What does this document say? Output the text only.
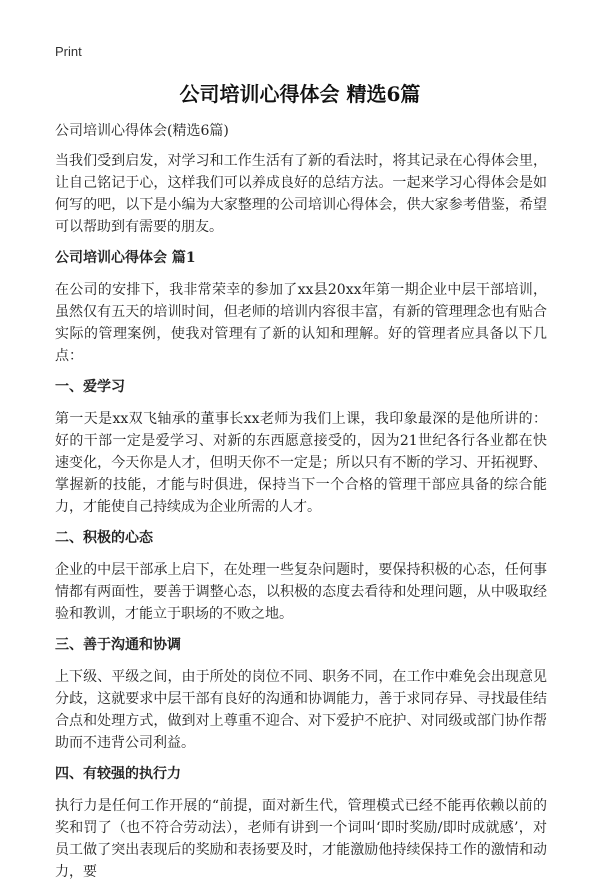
Print
公司培训心得体会 精选6篇

公司培训心得体会(精选6篇)

当我们受到启发，对学习和工作生活有了新的看法时，将其记录在心得体会里，让自己铭记于心，这样我们可以养成良好的总结方法。一起来学习心得体会是如何写的吧，以下是小编为大家整理的公司培训心得体会，供大家参考借鉴，希望可以帮助到有需要的朋友。

公司培训心得体会 篇1

在公司的安排下，我非常荣幸的参加了xx县20xx年第一期企业中层干部培训，虽然仅有五天的培训时间，但老师的培训内容很丰富，有新的管理理念也有贴合实际的管理案例，使我对管理有了新的认知和理解。好的管理者应具备以下几点：

一、爱学习

第一天是xx双飞轴承的董事长xx老师为我们上课，我印象最深的是他所讲的：好的干部一定是爱学习、对新的东西愿意接受的，因为21世纪各行各业都在快速变化，今天你是人才，但明天你不一定是；所以只有不断的学习、开拓视野、掌握新的技能，才能与时俱进，保持当下一个合格的管理干部应具备的综合能力，才能使自己持续成为企业所需的人才。

二、积极的心态

企业的中层干部承上启下，在处理一些复杂问题时，要保持积极的心态，任何事情都有两面性，要善于调整心态，以积极的态度去看待和处理问题，从中吸取经验和教训，才能立于职场的不败之地。

三、善于沟通和协调

上下级、平级之间，由于所处的岗位不同、职务不同，在工作中难免会出现意见分歧，这就要求中层干部有良好的沟通和协调能力，善于求同存异、寻找最佳结合点和处理方式，做到对上尊重不迎合、对下爱护不庇护、对同级或部门协作帮助而不违背公司利益。

四、有较强的执行力

执行力是任何工作开展的“前提，面对新生代，管理模式已经不能再依赖以前的奖和罚了（也不符合劳动法），老师有讲到一个词叫‘即时奖励/即时成就感’，对员工做了突出表现后的奖励和表扬要及时，才能激励他持续保持工作的激情和动力，要
